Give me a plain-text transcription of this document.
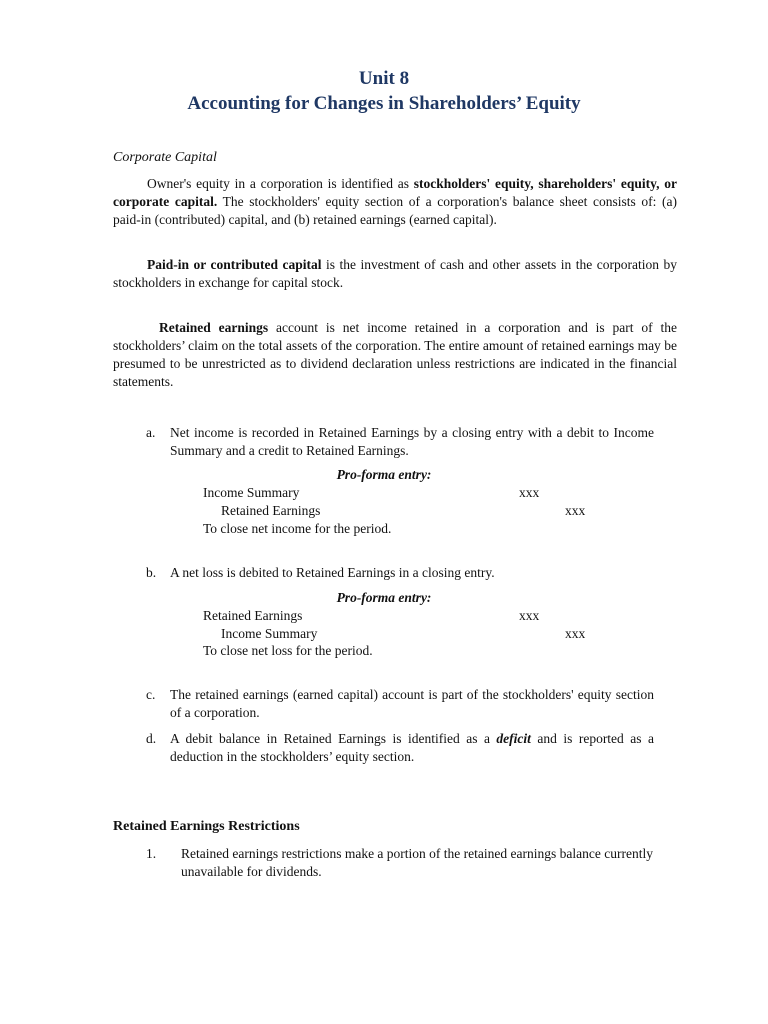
Unit 8
Accounting for Changes in Shareholders’ Equity
Corporate Capital
Owner's equity in a corporation is identified as stockholders' equity, shareholders' equity, or corporate capital. The stockholders' equity section of a corporation's balance sheet consists of: (a) paid-in (contributed) capital, and (b) retained earnings (earned capital).
Paid-in or contributed capital is the investment of cash and other assets in the corporation by stockholders in exchange for capital stock.
Retained earnings account is net income retained in a corporation and is part of the stockholders’ claim on the total assets of the corporation. The entire amount of retained earnings may be presumed to be unrestricted as to dividend declaration unless restrictions are indicated in the financial statements.
a. Net income is recorded in Retained Earnings by a closing entry with a debit to Income Summary and a credit to Retained Earnings.
Pro-forma entry:
Income Summary	xxx
Retained Earnings	xxx
To close net income for the period.
b. A net loss is debited to Retained Earnings in a closing entry.
Pro-forma entry:
Retained Earnings	xxx
Income Summary	xxx
To close net loss for the period.
c. The retained earnings (earned capital) account is part of the stockholders' equity section of a corporation.
d. A debit balance in Retained Earnings is identified as a deficit and is reported as a deduction in the stockholders’ equity section.
Retained Earnings Restrictions
1. Retained earnings restrictions make a portion of the retained earnings balance currently unavailable for dividends.
